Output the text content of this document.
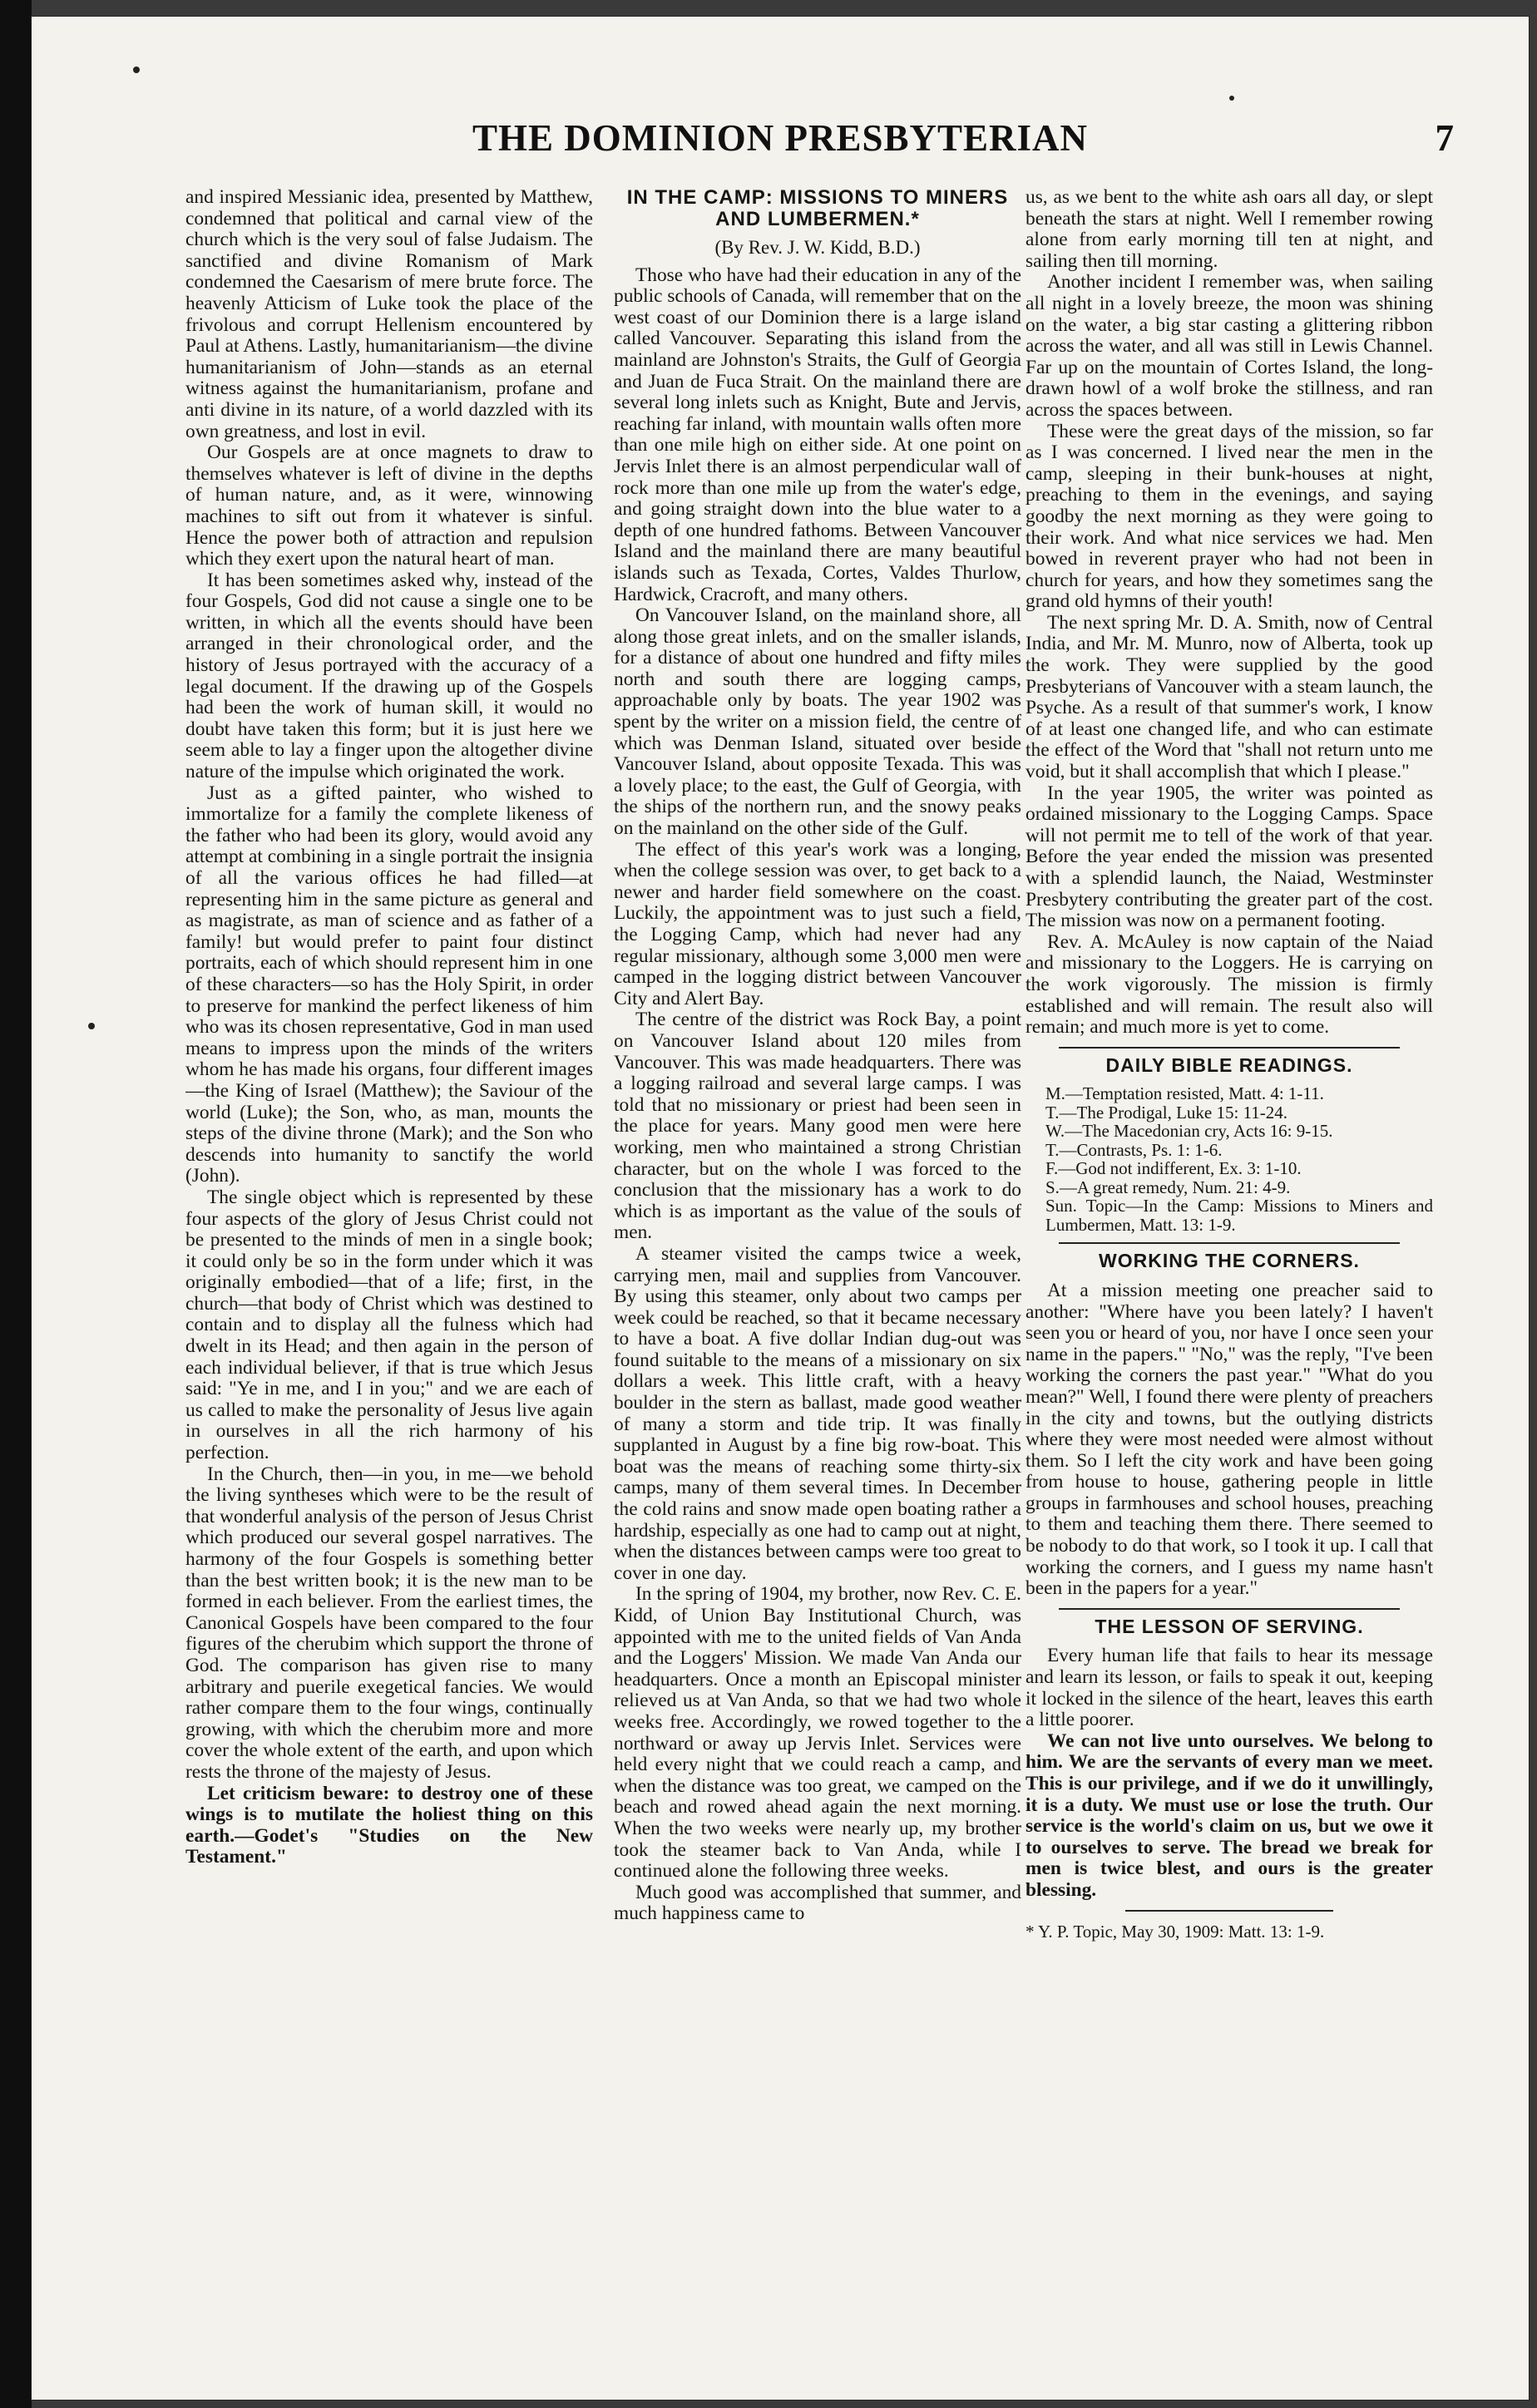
THE DOMINION PRESBYTERIAN	7

and inspired Messianic idea, presented by Matthew, condemned that political and carnal view of the church which is the very soul of false Judaism. The sanctified and divine Romanism of Mark condemned the Caesarism of mere brute force. The heavenly Atticism of Luke took the place of the frivolous and corrupt Hellenism encountered by Paul at Athens. Lastly, humanitarianism—the divine humanitarianism of John—stands as an eternal witness against the humanitarianism, profane and anti divine in its nature, of a world dazzled with its own greatness, and lost in evil.

Our Gospels are at once magnets to draw to themselves whatever is left of divine in the depths of human nature, and, as it were, winnowing machines to sift out from it whatever is sinful. Hence the power both of attraction and repulsion which they exert upon the natural heart of man.

It has been sometimes asked why, instead of the four Gospels, God did not cause a single one to be written, in which all the events should have been arranged in their chronological order, and the history of Jesus portrayed with the accuracy of a legal document. If the drawing up of the Gospels had been the work of human skill, it would no doubt have taken this form; but it is just here we seem able to lay a finger upon the altogether divine nature of the impulse which originated the work.

Just as a gifted painter, who wished to immortalize for a family the complete likeness of the father who had been its glory, would avoid any attempt at combining in a single portrait the insignia of all the various offices he had filled—at representing him in the same picture as general and as magistrate, as man of science and as father of a family! but would prefer to paint four distinct portraits, each of which should represent him in one of these characters—so has the Holy Spirit, in order to preserve for mankind the perfect likeness of him who was its chosen representative, God in man used means to impress upon the minds of the writers whom he has made his organs, four different images—the King of Israel (Matthew); the Saviour of the world (Luke); the Son, who, as man, mounts the steps of the divine throne (Mark); and the Son who descends into humanity to sanctify the world (John).

The single object which is represented by these four aspects of the glory of Jesus Christ could not be presented to the minds of men in a single book; it could only be so in the form under which it was originally embodied—that of a life; first, in the church—that body of Christ which was destined to contain and to display all the fulness which had dwelt in its Head; and then again in the person of each individual believer, if that is true which Jesus said: "Ye in me, and I in you;" and we are each of us called to make the personality of Jesus live again in ourselves in all the rich harmony of his perfection.

In the Church, then—in you, in me—we behold the living syntheses which were to be the result of that wonderful analysis of the person of Jesus Christ which produced our several gospel narratives. The harmony of the four Gospels is something better than the best written book; it is the new man to be formed in each believer. From the earliest times, the Canonical Gospels have been compared to the four figures of the cherubim which support the throne of God. The comparison has given rise to many arbitrary and puerile exegetical fancies. We would rather compare them to the four wings, continually growing, with which the cherubim more and more cover the whole extent of the earth, and upon which rests the throne of the majesty of Jesus.

Let criticism beware: to destroy one of these wings is to mutilate the holiest thing on this earth.—Godet's "Studies on the New Testament."

IN THE CAMP: MISSIONS TO MINERS AND LUMBERMEN.*
(By Rev. J. W. Kidd, B.D.)

Those who have had their education in any of the public schools of Canada, will remember that on the west coast of our Dominion there is a large island called Vancouver. Separating this island from the mainland are Johnston's Straits, the Gulf of Georgia and Juan de Fuca Strait. On the mainland there are several long inlets such as Knight, Bute and Jervis, reaching far inland, with mountain walls often more than one mile high on either side. At one point on Jervis Inlet there is an almost perpendicular wall of rock more than one mile up from the water's edge, and going straight down into the blue water to a depth of one hundred fathoms. Between Vancouver Island and the mainland there are many beautiful islands such as Texada, Cortes, Valdes Thurlow, Hardwick, Cracroft, and many others.

On Vancouver Island, on the mainland shore, all along those great inlets, and on the smaller islands, for a distance of about one hundred and fifty miles north and south there are logging camps, approachable only by boats. The year 1902 was spent by the writer on a mission field, the centre of which was Denman Island, situated over beside Vancouver Island, about opposite Texada. This was a lovely place; to the east, the Gulf of Georgia, with the ships of the northern run, and the snowy peaks on the mainland on the other side of the Gulf.

The effect of this year's work was a longing, when the college session was over, to get back to a newer and harder field somewhere on the coast. Luckily, the appointment was to just such a field, the Logging Camp, which had never had any regular missionary, although some 3,000 men were camped in the logging district between Vancouver City and Alert Bay.

The centre of the district was Rock Bay, a point on Vancouver Island about 120 miles from Vancouver. This was made headquarters. There was a logging railroad and several large camps. I was told that no missionary or priest had been seen in the place for years. Many good men were here working, men who maintained a strong Christian character, but on the whole I was forced to the conclusion that the missionary has a work to do which is as important as the value of the souls of men.

A steamer visited the camps twice a week, carrying men, mail and supplies from Vancouver. By using this steamer, only about two camps per week could be reached, so that it became necessary to have a boat. A five dollar Indian dug-out was found suitable to the means of a missionary on six dollars a week. This little craft, with a heavy boulder in the stern as ballast, made good weather of many a storm and tide trip. It was finally supplanted in August by a fine big row-boat. This boat was the means of reaching some thirty-six camps, many of them several times. In December the cold rains and snow made open boating rather a hardship, especially as one had to camp out at night, when the distances between camps were too great to cover in one day.

In the spring of 1904, my brother, now Rev. C. E. Kidd, of Union Bay Institutional Church, was appointed with me to the united fields of Van Anda and the Loggers' Mission. We made Van Anda our headquarters. Once a month an Episcopal minister relieved us at Van Anda, so that we had two whole weeks free. Accordingly, we rowed together to the northward or away up Jervis Inlet. Services were held every night that we could reach a camp, and when the distance was too great, we camped on the beach and rowed ahead again the next morning. When the two weeks were nearly up, my brother took the steamer back to Van Anda, while I continued alone the following three weeks.

Much good was accomplished that summer, and much happiness came to

us, as we bent to the white ash oars all day, or slept beneath the stars at night. Well I remember rowing alone from early morning till ten at night, and sailing then till morning.

Another incident I remember was, when sailing all night in a lovely breeze, the moon was shining on the water, a big star casting a glittering ribbon across the water, and all was still in Lewis Channel. Far up on the mountain of Cortes Island, the long-drawn howl of a wolf broke the stillness, and ran across the spaces between.

These were the great days of the mission, so far as I was concerned. I lived near the men in the camp, sleeping in their bunk-houses at night, preaching to them in the evenings, and saying goodby the next morning as they were going to their work. And what nice services we had. Men bowed in reverent prayer who had not been in church for years, and how they sometimes sang the grand old hymns of their youth!

The next spring Mr. D. A. Smith, now of Central India, and Mr. M. Munro, now of Alberta, took up the work. They were supplied by the good Presbyterians of Vancouver with a steam launch, the Psyche. As a result of that summer's work, I know of at least one changed life, and who can estimate the effect of the Word that "shall not return unto me void, but it shall accomplish that which I please."

In the year 1905, the writer was pointed as ordained missionary to the Logging Camps. Space will not permit me to tell of the work of that year. Before the year ended the mission was presented with a splendid launch, the Naiad, Westminster Presbytery contributing the greater part of the cost. The mission was now on a permanent footing.

Rev. A. McAuley is now captain of the Naiad and missionary to the Loggers. He is carrying on the work vigorously. The mission is firmly established and will remain. The result also will remain; and much more is yet to come.

DAILY BIBLE READINGS.
M.—Temptation resisted, Matt. 4: 1-11.
T.—The Prodigal, Luke 15: 11-24.
W.—The Macedonian cry, Acts 16: 9-15.
T.—Contrasts, Ps. 1: 1-6.
F.—God not indifferent, Ex. 3: 1-10.
S.—A great remedy, Num. 21: 4-9.
Sun. Topic—In the Camp: Missions to Miners and Lumbermen, Matt. 13: 1-9.
WORKING THE CORNERS.

At a mission meeting one preacher said to another: "Where have you been lately? I haven't seen you or heard of you, nor have I once seen your name in the papers." "No," was the reply, "I've been working the corners the past year." "What do you mean?" Well, I found there were plenty of preachers in the city and towns, but the outlying districts where they were most needed were almost without them. So I left the city work and have been going from house to house, gathering people in little groups in farmhouses and school houses, preaching to them and teaching them there. There seemed to be nobody to do that work, so I took it up. I call that working the corners, and I guess my name hasn't been in the papers for a year."

THE LESSON OF SERVING.

Every human life that fails to hear its message and learn its lesson, or fails to speak it out, keeping it locked in the silence of the heart, leaves this earth a little poorer.

We can not live unto ourselves. We belong to him. We are the servants of every man we meet. This is our privilege, and if we do it unwillingly, it is a duty. We must use or lose the truth. Our service is the world's claim on us, but we owe it to ourselves to serve. The bread we break for men is twice blest, and ours is the greater blessing.

* Y. P. Topic, May 30, 1909: Matt. 13: 1-9.
